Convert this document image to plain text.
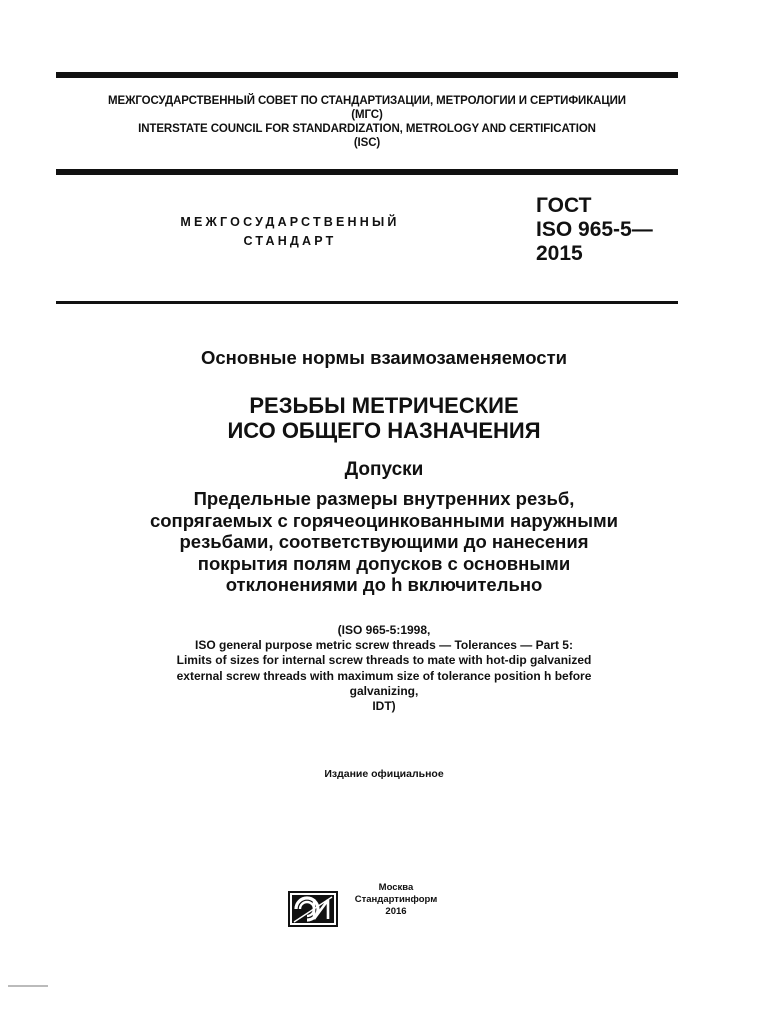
МЕЖГОСУДАРСТВЕННЫЙ СОВЕТ ПО СТАНДАРТИЗАЦИИ, МЕТРОЛОГИИ И СЕРТИФИКАЦИИ
(МГС)
INTERSTATE COUNCIL FOR STANDARDIZATION, METROLOGY AND CERTIFICATION
(ISC)
МЕЖГОСУДАРСТВЕННЫЙ
СТАНДАРТ
ГОСТ
ISO 965-5—
2015
Основные нормы взаимозаменяемости
РЕЗЬБЫ МЕТРИЧЕСКИЕ
ИСО ОБЩЕГО НАЗНАЧЕНИЯ
Допуски
Предельные размеры внутренних резьб,
сопрягаемых с горячеоцинкованными наружными
резьбами, соответствующими до нанесения
покрытия полям допусков с основными
отклонениями до h включительно
(ISO 965-5:1998,
ISO general purpose metric screw threads — Tolerances — Part 5:
Limits of sizes for internal screw threads to mate with hot-dip galvanized
external screw threads with maximum size of tolerance position h before
galvanizing,
IDT)
Издание официальное
Москва
Стандартинформ
2016
